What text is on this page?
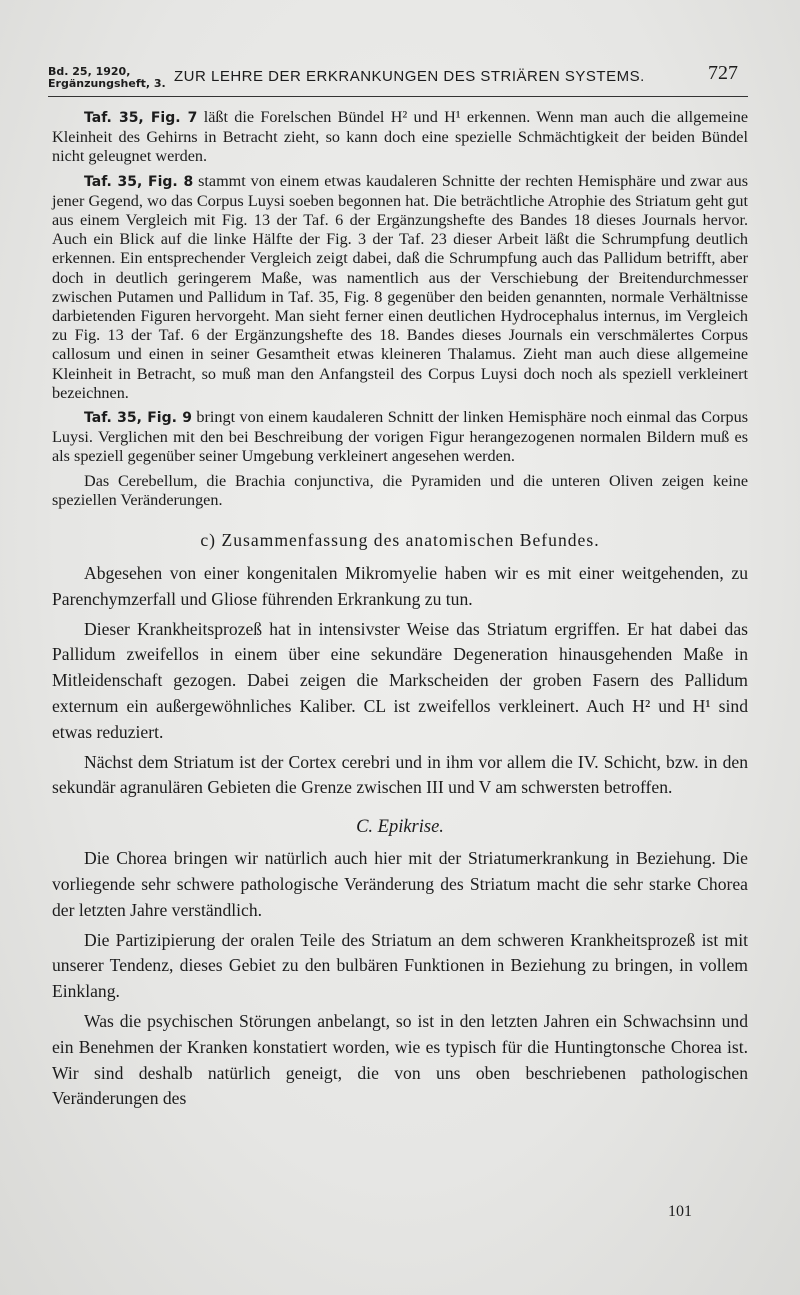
Bd. 25, 1920,
Ergänzungsheft, 3. ZUR LEHRE DER ERKRANKUNGEN DES STRIÄREN SYSTEMS.	727

Taf. 35, Fig. 7 läßt die Forelschen Bündel H² und H¹ erkennen. Wenn man auch die allgemeine Kleinheit des Gehirns in Betracht zieht, so kann doch eine spezielle Schmächtigkeit der beiden Bündel nicht geleugnet werden.

Taf. 35, Fig. 8 stammt von einem etwas kaudaleren Schnitte der rechten Hemisphäre und zwar aus jener Gegend, wo das Corpus Luysi soeben begonnen hat. Die beträchtliche Atrophie des Striatum geht gut aus einem Vergleich mit Fig. 13 der Taf. 6 der Ergänzungshefte des Bandes 18 dieses Journals hervor. Auch ein Blick auf die linke Hälfte der Fig. 3 der Taf. 23 dieser Arbeit läßt die Schrumpfung deutlich erkennen. Ein entsprechender Vergleich zeigt dabei, daß die Schrumpfung auch das Pallidum betrifft, aber doch in deutlich geringerem Maße, was namentlich aus der Verschiebung der Breitendurchmesser zwischen Putamen und Pallidum in Taf. 35, Fig. 8 gegenüber den beiden genannten, normale Verhältnisse darbietenden Figuren hervorgeht. Man sieht ferner einen deutlichen Hydrocephalus internus, im Vergleich zu Fig. 13 der Taf. 6 der Ergänzungshefte des 18. Bandes dieses Journals ein verschmälertes Corpus callosum und einen in seiner Gesamtheit etwas kleineren Thalamus. Zieht man auch diese allgemeine Kleinheit in Betracht, so muß man den Anfangsteil des Corpus Luysi doch noch als speziell verkleinert bezeichnen.

Taf. 35, Fig. 9 bringt von einem kaudaleren Schnitt der linken Hemisphäre noch einmal das Corpus Luysi. Verglichen mit den bei Beschreibung der vorigen Figur herangezogenen normalen Bildern muß es als speziell gegenüber seiner Umgebung verkleinert angesehen werden.

Das Cerebellum, die Brachia conjunctiva, die Pyramiden und die unteren Oliven zeigen keine speziellen Veränderungen.

c) Zusammenfassung des anatomischen Befundes.

Abgesehen von einer kongenitalen Mikromyelie haben wir es mit einer weitgehenden, zu Parenchymzerfall und Gliose führenden Erkrankung zu tun.

Dieser Krankheitsprozeß hat in intensivster Weise das Striatum ergriffen. Er hat dabei das Pallidum zweifellos in einem über eine sekundäre Degeneration hinausgehenden Maße in Mitleidenschaft gezogen. Dabei zeigen die Markscheiden der groben Fasern des Pallidum externum ein außergewöhnliches Kaliber. CL ist zweifellos verkleinert. Auch H² und H¹ sind etwas reduziert.

Nächst dem Striatum ist der Cortex cerebri und in ihm vor allem die IV. Schicht, bzw. in den sekundär agranulären Gebieten die Grenze zwischen III und V am schwersten betroffen.

C. Epikrise.

Die Chorea bringen wir natürlich auch hier mit der Striatumerkrankung in Beziehung. Die vorliegende sehr schwere pathologische Veränderung des Striatum macht die sehr starke Chorea der letzten Jahre verständlich.

Die Partizipierung der oralen Teile des Striatum an dem schweren Krankheitsprozeß ist mit unserer Tendenz, dieses Gebiet zu den bulbären Funktionen in Beziehung zu bringen, in vollem Einklang.

Was die psychischen Störungen anbelangt, so ist in den letzten Jahren ein Schwachsinn und ein Benehmen der Kranken konstatiert worden, wie es typisch für die Huntingtonsche Chorea ist. Wir sind deshalb natürlich geneigt, die von uns oben beschriebenen pathologischen Veränderungen des

101
